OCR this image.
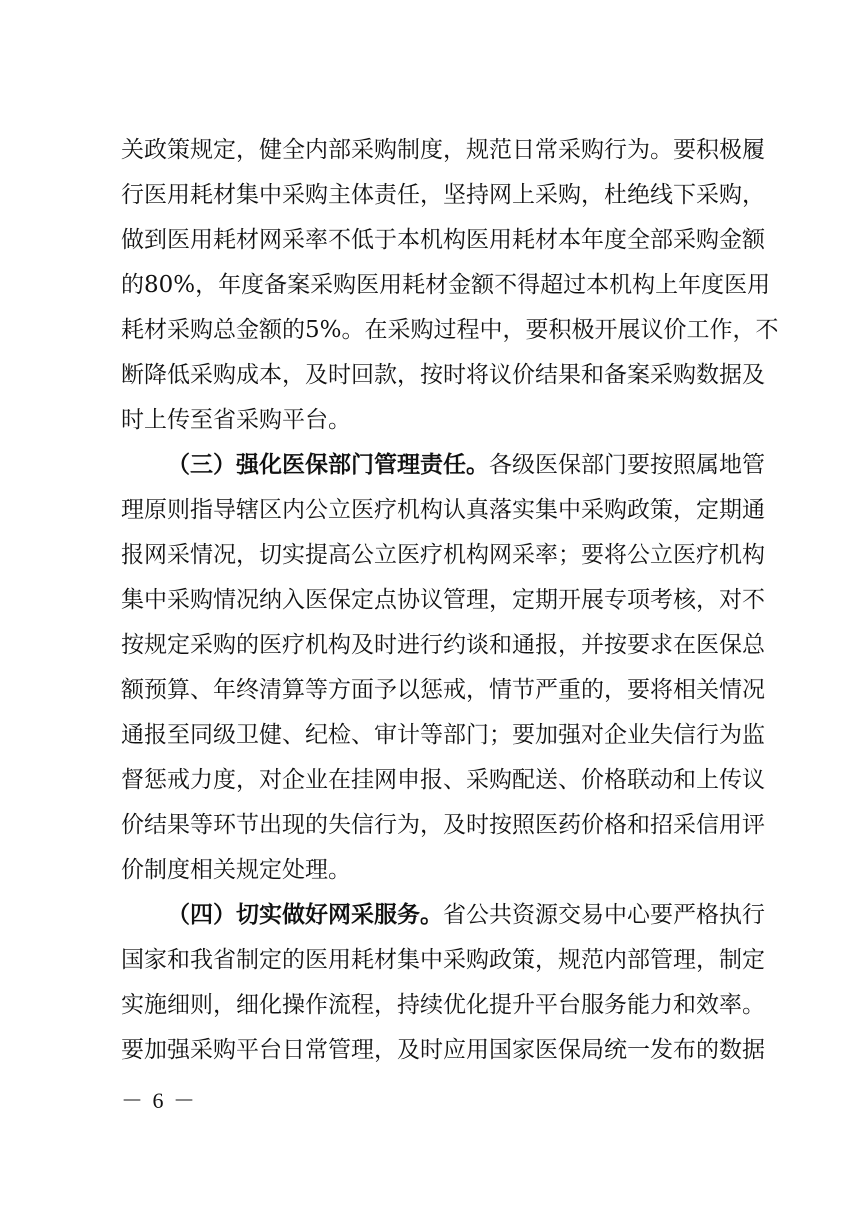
关 政 策 规 定 ， 健 全 内 部 采 购 制 度 ， 规 范 日 常 采 购 行 为 。 要 积 极 履
行 医 用 耗 材 集 中 采 购 主 体 责 任 ， 坚 持 网 上 采 购 ， 杜 绝 线 下 采 购 ，
做 到 医 用 耗 材 网 采 率 不 低 于 本 机 构 医 用 耗 材 本 年 度 全 部 采 购 金 额
的 80% ， 年 度 备 案 采 购 医 用 耗 材 金 额 不 得 超 过 本 机 构 上 年 度 医 用
耗 材 采 购 总 金 额 的 5% 。 在 采 购 过 程 中 ， 要 积 极 开 展 议 价 工 作 ， 不
断 降 低 采 购 成 本 ， 及 时 回 款 ， 按 时 将 议 价 结 果 和 备 案 采 购 数 据 及
时 上 传 至 省 采 购 平 台 。
（ 三 ） 强 化 医 保 部 门 管 理 责 任 。 各 级 医 保 部 门 要 按 照 属 地 管
理 原 则 指 导 辖 区 内 公 立 医 疗 机 构 认 真 落 实 集 中 采 购 政 策 ， 定 期 通
报 网 采 情 况 ， 切 实 提 高 公 立 医 疗 机 构 网 采 率 ； 要 将 公 立 医 疗 机 构
集 中 采 购 情 况 纳 入 医 保 定 点 协 议 管 理 ， 定 期 开 展 专 项 考 核 ， 对 不
按 规 定 采 购 的 医 疗 机 构 及 时 进 行 约 谈 和 通 报 ， 并 按 要 求 在 医 保 总
额 预 算 、 年 终 清 算 等 方 面 予 以 惩 戒 ， 情 节 严 重 的 ， 要 将 相 关 情 况
通 报 至 同 级 卫 健 、 纪 检 、 审 计 等 部 门 ； 要 加 强 对 企 业 失 信 行 为 监
督 惩 戒 力 度 ， 对 企 业 在 挂 网 申 报 、 采 购 配 送 、 价 格 联 动 和 上 传 议
价 结 果 等 环 节 出 现 的 失 信 行 为 ， 及 时 按 照 医 药 价 格 和 招 采 信 用 评
价 制 度 相 关 规 定 处 理 。
（ 四 ） 切 实 做 好 网 采 服 务 。 省 公 共 资 源 交 易 中 心 要 严 格 执 行
国 家 和 我 省 制 定 的 医 用 耗 材 集 中 采 购 政 策 ， 规 范 内 部 管 理 ， 制 定
实 施 细 则 ， 细 化 操 作 流 程 ， 持 续 优 化 提 升 平 台 服 务 能 力 和 效 率 。
要 加 强 采 购 平 台 日 常 管 理 ， 及 时 应 用 国 家 医 保 局 统 一 发 布 的 数 据
－ 6 －
